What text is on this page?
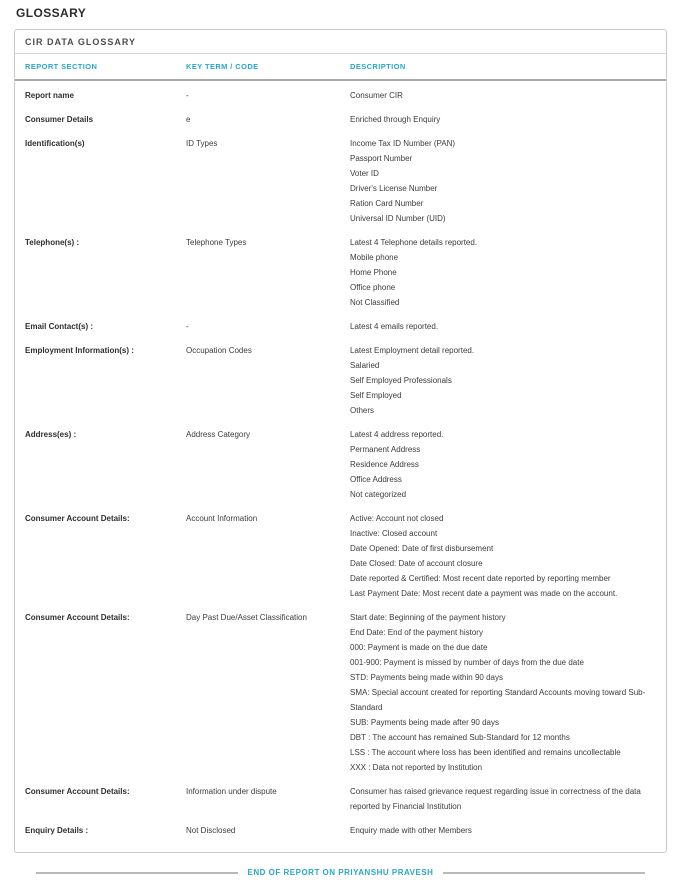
GLOSSARY
CIR DATA GLOSSARY
REPORT SECTION	KEY TERM / CODE	DESCRIPTION
Report name	-	Consumer CIR
Consumer Details	e	Enriched through Enquiry
Identification(s)	ID Types	Income Tax ID Number (PAN)
Passport Number
Voter ID
Driver's License Number
Ration Card Number
Universal ID Number (UID)
Telephone(s) :	Telephone Types	Latest 4 Telephone details reported.
Mobile phone
Home Phone
Office phone
Not Classified
Email Contact(s) :	-	Latest 4 emails reported.
Employment Information(s) :	Occupation Codes	Latest Employment detail reported.
Salaried
Self Employed Professionals
Self Employed
Others
Address(es) :	Address Category	Latest 4 address reported.
Permanent Address
Residence Address
Office Address
Not categorized
Consumer Account Details:	Account Information	Active: Account not closed
Inactive: Closed account
Date Opened: Date of first disbursement
Date Closed: Date of account closure
Date reported & Certified: Most recent date reported by reporting member
Last Payment Date: Most recent date a payment was made on the account.
Consumer Account Details:	Day Past Due/Asset Classification	Start date: Beginning of the payment history
End Date: End of the payment history
000: Payment is made on the due date
001-900: Payment is missed by number of days from the due date
STD: Payments being made within 90 days
SMA: Special account created for reporting Standard Accounts moving toward Sub-Standard
SUB: Payments being made after 90 days
DBT : The account has remained Sub-Standard for 12 months
LSS : The account where loss has been identified and remains uncollectable
XXX : Data not reported by Institution
Consumer Account Details:	Information under dispute	Consumer has raised grievance request regarding issue in correctness of the data reported by Financial Institution
Enquiry Details :	Not Disclosed	Enquiry made with other Members
END OF REPORT ON PRIYANSHU PRAVESH
